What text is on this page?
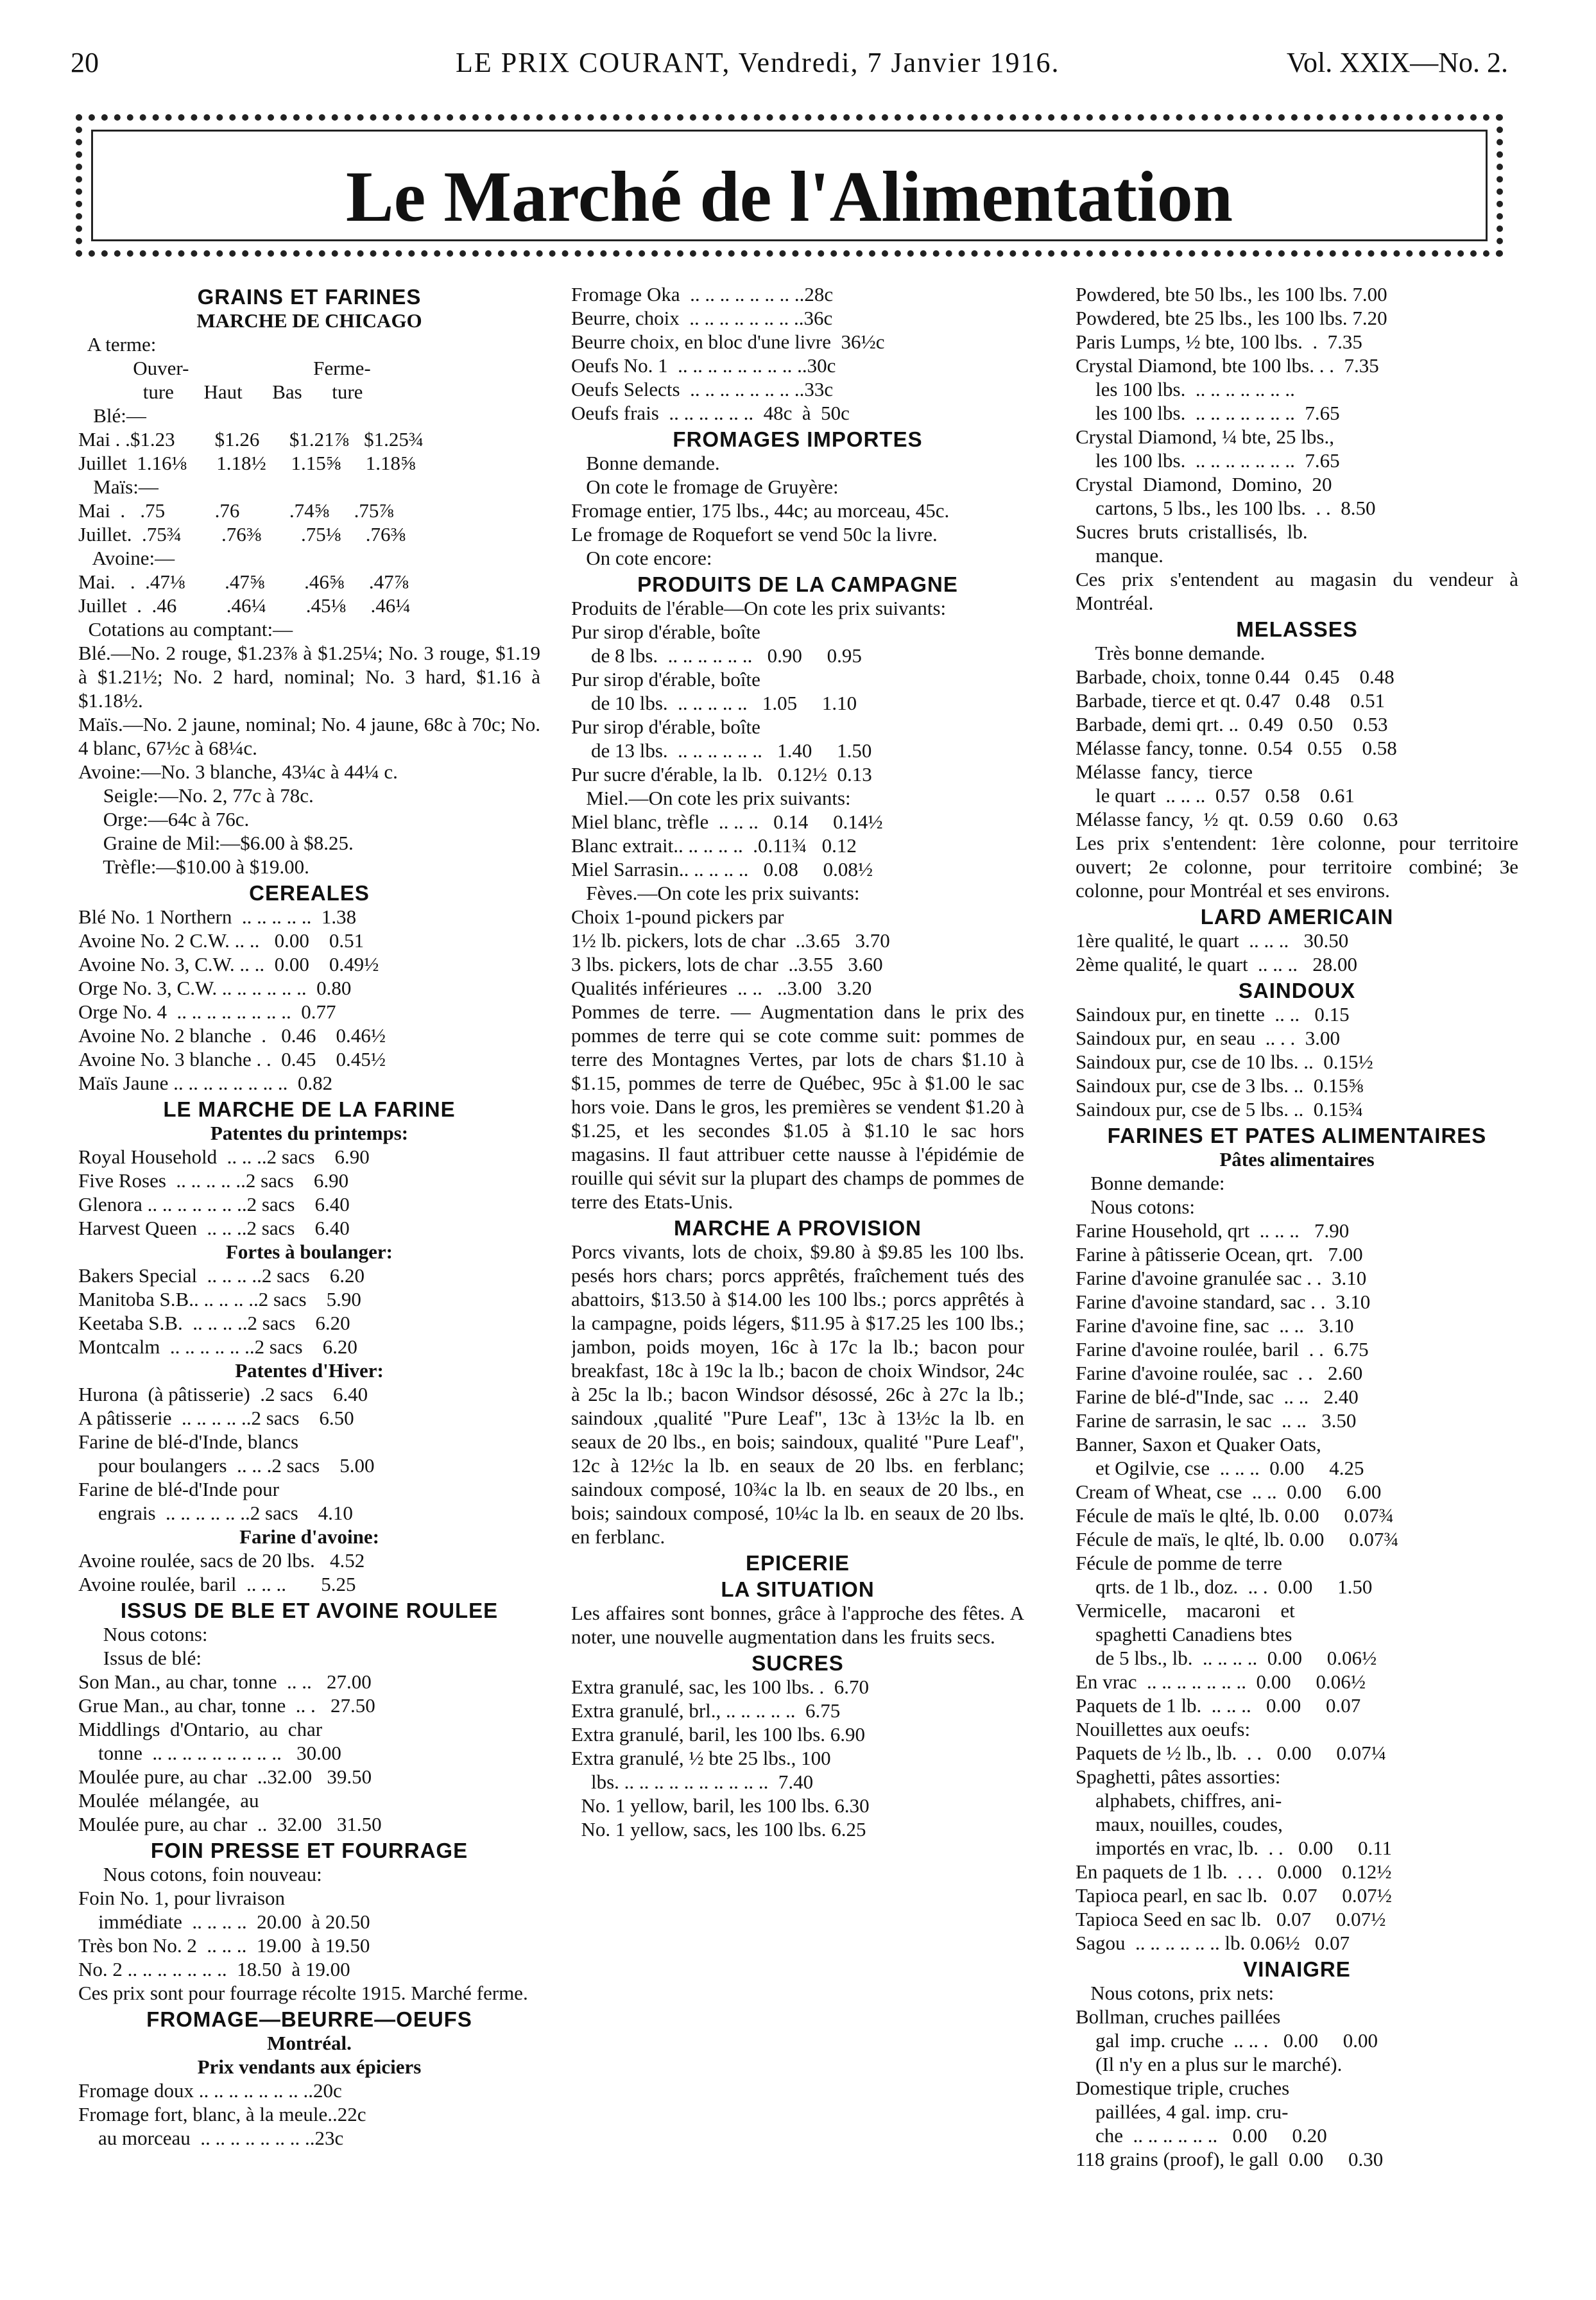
20	LE PRIX COURANT, Vendredi, 7 Janvier 1916.	Vol. XXIX—No. 2.
Le Marché de l'Alimentation
GRAINS ET FARINES
MARCHE DE CHICAGO
A terme:
Ouver-                         Ferme-
ture      Haut      Bas      ture
Blé:—
Mai . .$1.23        $1.26      $1.21⅞   $1.25¾
Juillet  1.16⅛      1.18½     1.15⅝     1.18⅝
Maïs:—
Mai  .   .75          .76          .74⅝     .75⅞
Juillet.  .75¾        .76⅜        .75⅛     .76⅜
Avoine:—
Mai.   .  .47⅛        .47⅝        .46⅝     .47⅞
Juillet  .  .46          .46¼        .45⅛     .46¼
Cotations au comptant:—
Blé.—No. 2 rouge, $1.23⅞ à $1.25¼; No. 3 rouge, $1.19 à $1.21½; No. 2 hard, nominal; No. 3 hard, $1.16 à $1.18½.
Maïs.—No. 2 jaune, nominal; No. 4 jaune, 68c à 70c; No. 4 blanc, 67½c à 68¼c.
Avoine:—No. 3 blanche, 43¼c à 44¼ c.
Seigle:—No. 2, 77c à 78c.
Orge:—64c à 76c.
Graine de Mil:—$6.00 à $8.25.
Trèfle:—$10.00 à $19.00.
CEREALES
Blé No. 1 Northern  .. .. .. .. ..  1.38
Avoine No. 2 C.W. .. ..   0.00    0.51
Avoine No. 3, C.W. .. ..  0.00    0.49½
Orge No. 3, C.W. .. .. .. .. .. ..  0.80
Orge No. 4  .. .. .. .. .. .. .. ..  0.77
Avoine No. 2 blanche  .   0.46    0.46½
Avoine No. 3 blanche . .  0.45    0.45½
Maïs Jaune .. .. .. .. .. .. .. ..  0.82
LE MARCHE DE LA FARINE
Patentes du printemps:
Royal Household  .. .. ..2 sacs    6.90
Five Roses  .. .. .. .. ..2 sacs    6.90
Glenora .. .. .. .. .. .. ..2 sacs    6.40
Harvest Queen  .. .. ..2 sacs    6.40
Fortes à boulanger:
Bakers Special  .. .. .. ..2 sacs    6.20
Manitoba S.B.. .. .. .. ..2 sacs    5.90
Keetaba S.B.  .. .. .. ..2 sacs    6.20
Montcalm  .. .. .. .. .. ..2 sacs    6.20
Patentes d'Hiver:
Hurona  (à pâtisserie)  .2 sacs    6.40
A pâtisserie  .. .. .. .. ..2 sacs    6.50
Farine de blé-d'Inde, blancs
pour boulangers  .. .. .2 sacs    5.00
Farine de blé-d'Inde pour
engrais  .. .. .. .. .. ..2 sacs    4.10
Farine d'avoine:
Avoine roulée, sacs de 20 lbs.   4.52
Avoine roulée, baril  .. .. ..       5.25
ISSUS DE BLE ET AVOINE ROULEE
Nous cotons:
Issus de blé:
Son Man., au char, tonne  .. ..   27.00
Grue Man., au char, tonne  .. .   27.50
Middlings  d'Ontario,  au  char
tonne  .. .. .. .. .. .. .. .. ..   30.00
Moulée pure, au char  ..32.00   39.50
Moulée  mélangée,  au
Moulée pure, au char  ..  32.00   31.50
FOIN PRESSE ET FOURRAGE
Nous cotons, foin nouveau:
Foin No. 1, pour livraison
immédiate  .. .. .. ..  20.00  à 20.50
Très bon No. 2  .. .. ..  19.00  à 19.50
No. 2 .. .. .. .. .. .. ..  18.50  à 19.00
Ces prix sont pour fourrage récolte 1915. Marché ferme.
FROMAGE—BEURRE—OEUFS
Montréal.
Prix vendants aux épiciers
Fromage doux .. .. .. .. .. .. .. ..20c
Fromage fort, blanc, à la meule..22c
au morceau  .. .. .. .. .. .. .. ..23c
Fromage Oka  .. .. .. .. .. .. .. ..28c
Beurre, choix  .. .. .. .. .. .. .. ..36c
Beurre choix, en bloc d'une livre  36½c
Oeufs No. 1  .. .. .. .. .. .. .. .. ..30c
Oeufs Selects  .. .. .. .. .. .. .. ..33c
Oeufs frais  .. .. .. .. .. ..  48c  à  50c
FROMAGES IMPORTES
Bonne demande.
On cote le fromage de Gruyère:
Fromage entier, 175 lbs., 44c; au morceau, 45c.
Le fromage de Roquefort se vend 50c la livre.
On cote encore:
PRODUITS DE LA CAMPAGNE
Produits de l'érable—On cote les prix suivants:
Pur sirop d'érable, boîte
de 8 lbs.  .. .. .. .. .. ..   0.90     0.95
Pur sirop d'érable, boîte
de 10 lbs.  .. .. .. .. ..   1.05     1.10
Pur sirop d'érable, boîte
de 13 lbs.  .. .. .. .. .. ..   1.40     1.50
Pur sucre d'érable, la lb.   0.12½  0.13
Miel.—On cote les prix suivants:
Miel blanc, trèfle  .. .. ..   0.14     0.14½
Blanc extrait.. .. .. .. ..  .0.11¾   0.12
Miel Sarrasin.. .. .. .. ..   0.08     0.08½
Fèves.—On cote les prix suivants:
Choix 1-pound pickers par
1½ lb. pickers, lots de char  ..3.65   3.70
3 lbs. pickers, lots de char  ..3.55   3.60
Qualités inférieures  .. ..   ..3.00   3.20
Pommes de terre. — Augmentation dans le prix des pommes de terre qui se cote comme suit: pommes de terre des Montagnes Vertes, par lots de chars $1.10 à $1.15, pommes de terre de Québec, 95c à $1.00 le sac hors voie. Dans le gros, les premières se vendent $1.20 à $1.25, et les secondes $1.05 à $1.10 le sac hors magasins. Il faut attribuer cette nausse à l'épidémie de rouille qui sévit sur la plupart des champs de pommes de terre des Etats-Unis.
MARCHE A PROVISION
Porcs vivants, lots de choix, $9.80 à $9.85 les 100 lbs. pesés hors chars; porcs apprêtés, fraîchement tués des abattoirs, $13.50 à $14.00 les 100 lbs.; porcs apprêtés à la campagne, poids légers, $11.95 à $17.25 les 100 lbs.; jambon, poids moyen, 16c à 17c la lb.; bacon pour breakfast, 18c à 19c la lb.; bacon de choix Windsor, 24c à 25c la lb.; bacon Windsor désossé, 26c à 27c la lb.; saindoux ,qualité "Pure Leaf", 13c à 13½c la lb. en seaux de 20 lbs., en bois; saindoux, qualité "Pure Leaf", 12c à 12½c la lb. en seaux de 20 lbs. en ferblanc; saindoux composé, 10¾c la lb. en seaux de 20 lbs., en bois; saindoux composé, 10¼c la lb. en seaux de 20 lbs. en ferblanc.
EPICERIE
LA SITUATION
Les affaires sont bonnes, grâce à l'approche des fêtes. A noter, une nouvelle augmentation dans les fruits secs.
SUCRES
Extra granulé, sac, les 100 lbs. .  6.70
Extra granulé, brl., .. .. .. .. ..  6.75
Extra granulé, baril, les 100 lbs. 6.90
Extra granulé, ½ bte 25 lbs., 100
lbs. .. .. .. .. .. .. .. .. .. ..  7.40
No. 1 yellow, baril, les 100 lbs. 6.30
No. 1 yellow, sacs, les 100 lbs. 6.25
Powdered, bte 50 lbs., les 100 lbs. 7.00
Powdered, bte 25 lbs., les 100 lbs. 7.20
Paris Lumps, ½ bte, 100 lbs.  .  7.35
Crystal Diamond, bte 100 lbs. . .  7.35
les 100 lbs.  .. .. .. .. .. .. ..
les 100 lbs.  .. .. .. .. .. .. ..  7.65
Crystal Diamond, ¼ bte, 25 lbs.,
les 100 lbs.  .. .. .. .. .. .. ..  7.65
Crystal  Diamond,  Domino,  20
cartons, 5 lbs., les 100 lbs.  . .  8.50
Sucres  bruts  cristallisés,  lb.
manque.
Ces prix s'entendent au magasin du vendeur à Montréal.
MELASSES
Très bonne demande.
Barbade, choix, tonne 0.44   0.45    0.48
Barbade, tierce et qt. 0.47   0.48    0.51
Barbade, demi qrt. ..  0.49   0.50    0.53
Mélasse fancy, tonne.  0.54   0.55    0.58
Mélasse  fancy,  tierce
le quart  .. .. ..  0.57   0.58    0.61
Mélasse fancy,  ½  qt.  0.59   0.60    0.63
Les prix s'entendent: 1ère colonne, pour territoire ouvert; 2e colonne, pour territoire combiné; 3e colonne, pour Montréal et ses environs.
LARD AMERICAIN
1ère qualité, le quart  .. .. ..   30.50
2ème qualité, le quart  .. .. ..   28.00
SAINDOUX
Saindoux pur, en tinette  .. ..   0.15
Saindoux pur,  en seau  .. . .  3.00
Saindoux pur, cse de 10 lbs. ..  0.15½
Saindoux pur, cse de 3 lbs. ..  0.15⅝
Saindoux pur, cse de 5 lbs. ..  0.15¾
FARINES ET PATES ALIMENTAIRES
Pâtes alimentaires
Bonne demande:
Nous cotons:
Farine Household, qrt  .. .. ..   7.90
Farine à pâtisserie Ocean, qrt.   7.00
Farine d'avoine granulée sac . .  3.10
Farine d'avoine standard, sac . .  3.10
Farine d'avoine fine, sac  .. ..   3.10
Farine d'avoine roulée, baril  . .  6.75
Farine d'avoine roulée, sac  . .   2.60
Farine de blé-d''Inde, sac  .. ..   2.40
Farine de sarrasin, le sac  .. ..   3.50
Banner, Saxon et Quaker Oats,
et Ogilvie, cse  .. .. ..  0.00     4.25
Cream of Wheat, cse  .. ..  0.00     6.00
Fécule de maïs le qlté, lb. 0.00     0.07¾
Fécule de maïs, le qlté, lb. 0.00     0.07¾
Fécule de pomme de terre
qrts. de 1 lb., doz.  .. .  0.00     1.50
Vermicelle,    macaroni    et
spaghetti Canadiens btes
de 5 lbs., lb.  .. .. .. ..  0.00     0.06½
En vrac  .. .. .. .. .. .. ..  0.00     0.06½
Paquets de 1 lb.  .. .. ..   0.00     0.07
Nouillettes aux oeufs:
Paquets de ½ lb., lb.  . .   0.00     0.07¼
Spaghetti, pâtes assorties:
alphabets, chiffres, ani-
maux, nouilles, coudes,
importés en vrac, lb.  . .   0.00     0.11
En paquets de 1 lb.  . . .   0.000    0.12½
Tapioca pearl, en sac lb.   0.07     0.07½
Tapioca Seed en sac lb.   0.07     0.07½
Sagou  .. .. .. .. .. .. lb. 0.06½   0.07
VINAIGRE
Nous cotons, prix nets:
Bollman, cruches paillées
gal  imp. cruche  .. .. .   0.00     0.00
(Il n'y en a plus sur le marché).
Domestique triple, cruches
paillées, 4 gal. imp. cru-
che  .. .. .. .. .. ..   0.00     0.20
118 grains (proof), le gall  0.00     0.30
